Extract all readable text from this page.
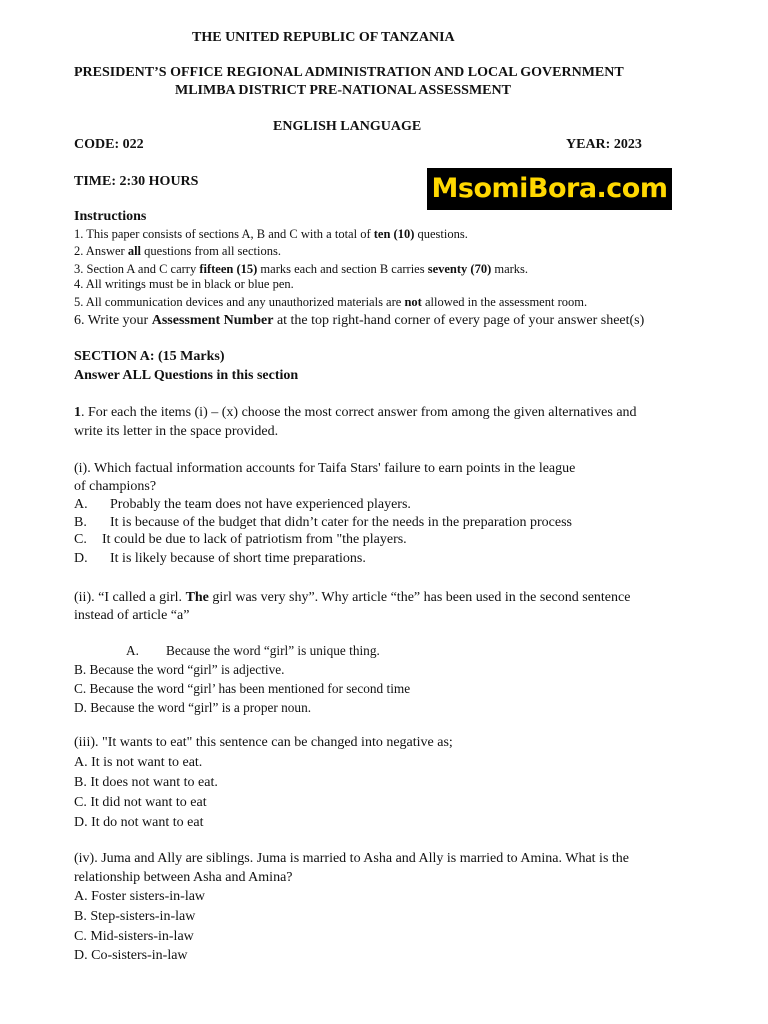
THE UNITED REPUBLIC OF TANZANIA
PRESIDENT’S OFFICE REGIONAL ADMINISTRATION AND LOCAL GOVERNMENT
MLIMBA DISTRICT PRE-NATIONAL ASSESSMENT
ENGLISH LANGUAGE
CODE: 022	YEAR: 2023
TIME: 2:30 HOURS	MsomiBora.com
Instructions
1. This paper consists of sections A, B and C with a total of ten (10) questions.
2. Answer all questions from all sections.
3. Section A and C carry fifteen (15) marks each and section B carries seventy (70) marks.
4. All writings must be in black or blue pen.
5. All communication devices and any unauthorized materials are not allowed in the assessment room.
6. Write your Assessment Number at the top right-hand corner of every page of your answer sheet(s)
SECTION A: (15 Marks)
Answer ALL Questions in this section
1. For each the items (i) – (x) choose the most correct answer from among the given alternatives and
write its letter in the space provided.
(i). Which factual information accounts for Taifa Stars' failure to earn points in the league
of champions?
A. Probably the team does not have experienced players.
B. It is because of the budget that didn’t cater for the needs in the preparation process
C. It could be due to lack of patriotism from "the players.
D. It is likely because of short time preparations.
(ii). “I called a girl. The girl was very shy”. Why article “the” has been used in the second sentence
instead of article “a”
A. Because the word “girl” is unique thing.
B. Because the word “girl” is adjective.
C. Because the word “girl’ has been mentioned for second time
D. Because the word “girl” is a proper noun.
(iii). "It wants to eat" this sentence can be changed into negative as;
A. It is not want to eat.
B. It does not want to eat.
C. It did not want to eat
D. It do not want to eat
(iv). Juma and Ally are siblings. Juma is married to Asha and Ally is married to Amina. What is the
relationship between Asha and Amina?
A. Foster sisters-in-law
B. Step-sisters-in-law
C. Mid-sisters-in-law
D. Co-sisters-in-law
